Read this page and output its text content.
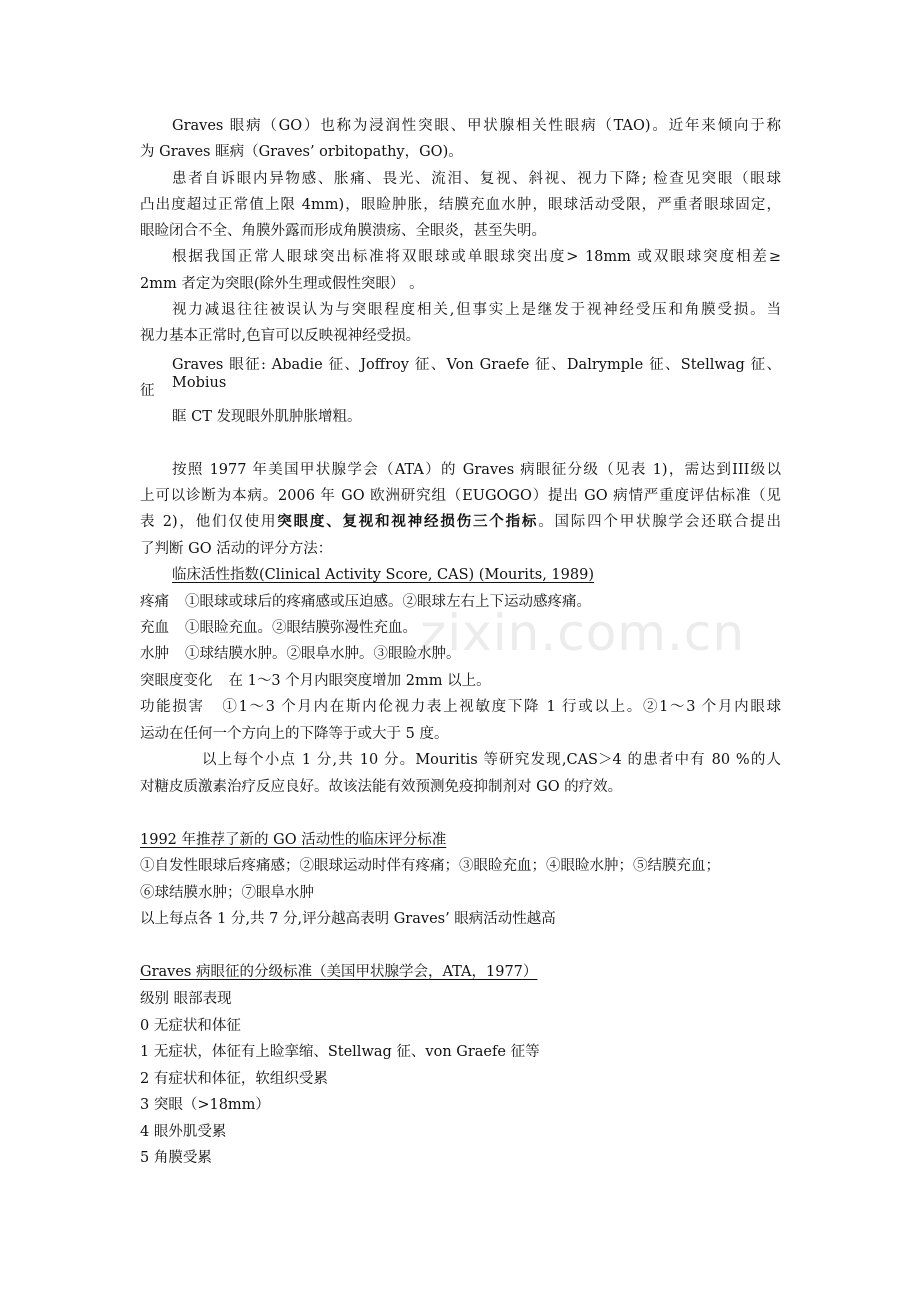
zixin.com.cn
Graves 眼病（GO）也称为浸润性突眼、甲状腺相关性眼病（TAO)。近年来倾向于称
为 Graves 眶病（Graves’ orbitopathy，GO)。
患者自诉眼内异物感、胀痛、畏光、流泪、复视、斜视、视力下降; 检查见突眼（眼球
凸出度超过正常值上限 4mm)，眼睑肿胀，结膜充血水肿，眼球活动受限，严重者眼球固定，
眼睑闭合不全、角膜外露而形成角膜溃疡、全眼炎，甚至失明。
根据我国正常人眼球突出标准将双眼球或单眼球突出度> 18mm 或双眼球突度相差≥
2mm 者定为突眼(除外生理或假性突眼） 。
视力减退往往被误认为与突眼程度相关,但事实上是继发于视神经受压和角膜受损。当
视力基本正常时,色盲可以反映视神经受损。
Graves 眼征: Abadie 征、Joffroy 征、Von Graefe 征、Dalrymple 征、Stellwag 征、Mobius
征
眶 CT 发现眼外肌肿胀增粗。
按照 1977 年美国甲状腺学会（ATA）的 Graves 病眼征分级（见表 1)，需达到III级以
上可以诊断为本病。2006 年 GO 欧洲研究组（EUGOGO）提出 GO 病情严重度评估标准（见
表 2)，他们仅使用突眼度、复视和视神经损伤三个指标。国际四个甲状腺学会还联合提出
了判断 GO 活动的评分方法：
临床活性指数(Clinical Activity Score, CAS) (Mourits, 1989)
疼痛 ①眼球或球后的疼痛感或压迫感。②眼球左右上下运动感疼痛。
充血 ①眼睑充血。②眼结膜弥漫性充血。
水肿 ①球结膜水肿。②眼阜水肿。③眼睑水肿。
突眼度变化 在 1～3 个月内眼突度增加 2mm 以上。
功能损害 ①1～3 个月内在斯内伦视力表上视敏度下降 1 行或以上。②1～3 个月内眼球
运动在任何一个方向上的下降等于或大于 5 度。
以上每个小点 1 分,共 10 分。Mouritis 等研究发现,CAS＞4 的患者中有 80 %的人
对糖皮质激素治疗反应良好。故该法能有效预测免疫抑制剂对 GO 的疗效。
1992 年推荐了新的 GO 活动性的临床评分标准
①自发性眼球后疼痛感；②眼球运动时伴有疼痛；③眼睑充血；④眼睑水肿；⑤结膜充血；
⑥球结膜水肿；⑦眼阜水肿
以上每点各 1 分,共 7 分,评分越高表明 Graves’ 眼病活动性越高
Graves 病眼征的分级标准（美国甲状腺学会，ATA，1977）
级别 眼部表现
0 无症状和体征
1 无症状，体征有上睑挛缩、Stellwag 征、von Graefe 征等
2 有症状和体征，软组织受累
3 突眼（>18mm）
4 眼外肌受累
5 角膜受累
